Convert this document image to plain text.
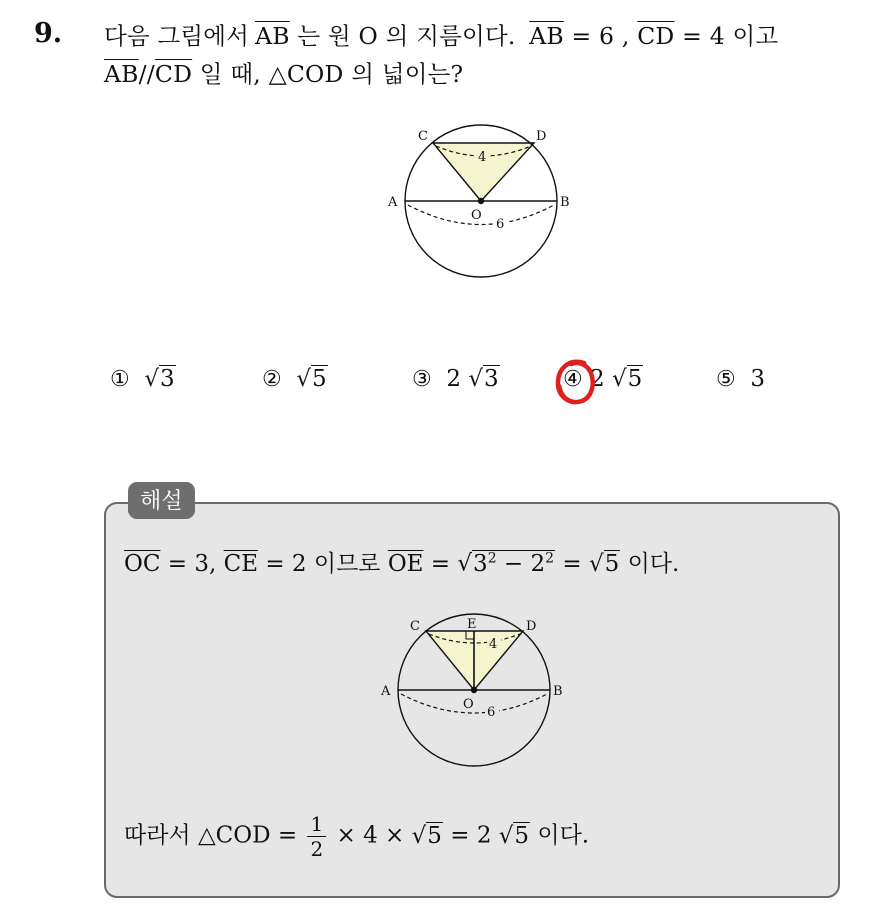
9. 다음 그림에서 $\overline{AB}$ 는 원 O 의 지름이다. $\overline{AB} = 6$ , $\overline{CD} = 4$ 이고
$\overline{AB}//\overline{CD}$ 일 때, △COD 의 넓이는?
C	D
A	B
O
4
6
① √3	② √5	③ 2 √3	④ 2 √5	⑤ 3
해설
$\overline{OC} = 3$, $\overline{CE} = 2$ 이므로 $\overline{OE} = √3^2 - 2^2 = √5$ 이다.
C	E	D
A	B
O
4
6
따라서 △COD = $\frac{1}{2} \times 4 \times √5 = 2$ √5 이다.
